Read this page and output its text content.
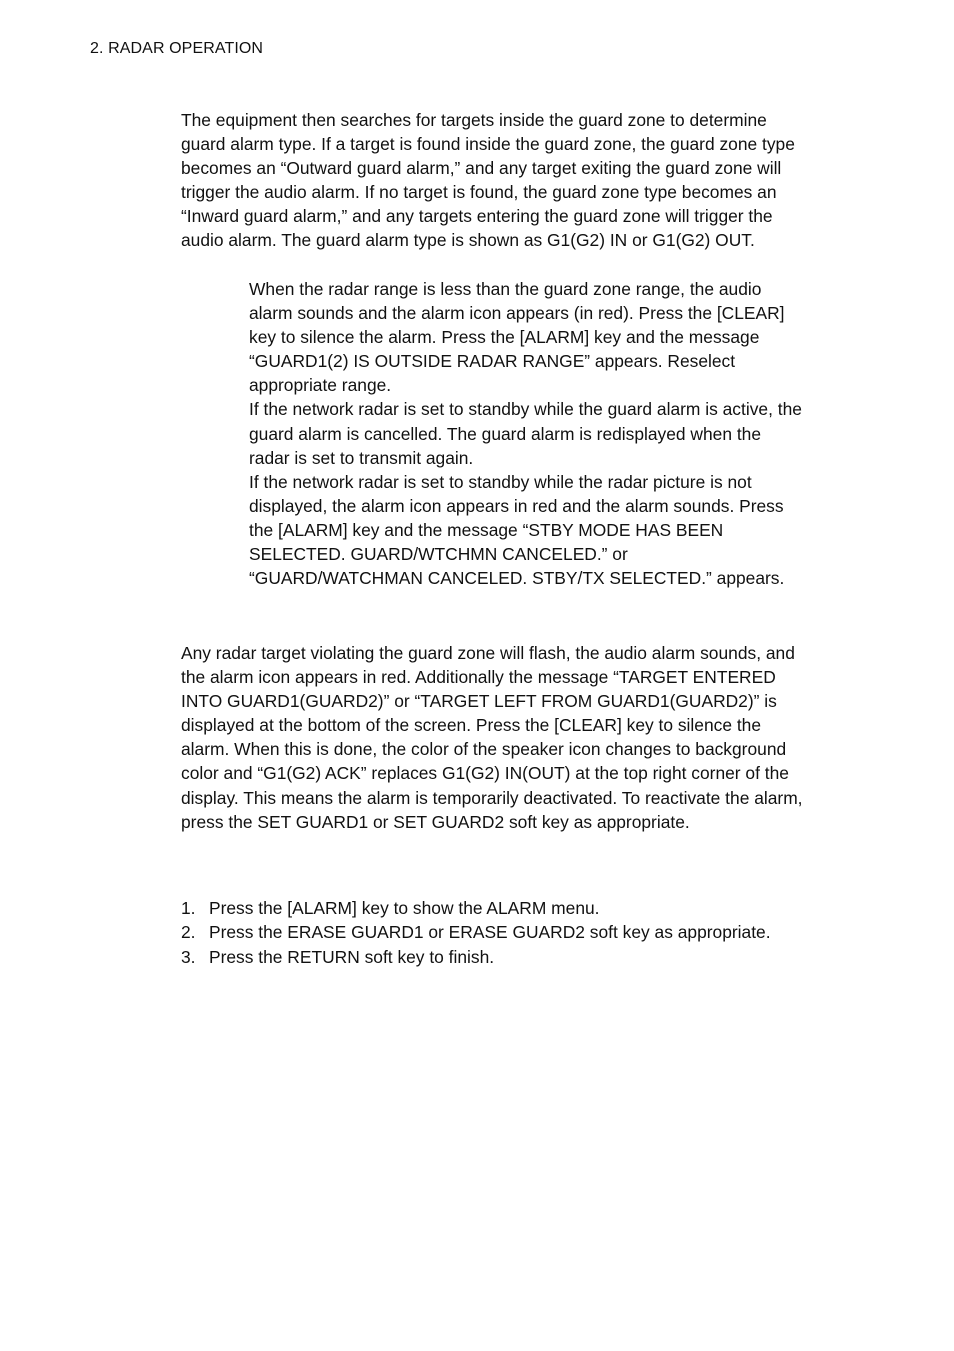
2. RADAR OPERATION

The equipment then searches for targets inside the guard zone to determine
guard alarm type. If a target is found inside the guard zone, the guard zone type
becomes an “Outward guard alarm,” and any target exiting the guard zone will
trigger the audio alarm. If no target is found, the guard zone type becomes an
“Inward guard alarm,” and any targets entering the guard zone will trigger the
audio alarm. The guard alarm type is shown as G1(G2) IN or G1(G2) OUT.

When the radar range is less than the guard zone range, the audio
alarm sounds and the alarm icon appears (in red). Press the [CLEAR]
key to silence the alarm. Press the [ALARM] key and the message
“GUARD1(2) IS OUTSIDE RADAR RANGE” appears. Reselect
appropriate range.
If the network radar is set to standby while the guard alarm is active, the
guard alarm is cancelled. The guard alarm is redisplayed when the
radar is set to transmit again.
If the network radar is set to standby while the radar picture is not
displayed, the alarm icon appears in red and the alarm sounds. Press
the [ALARM] key and the message “STBY MODE HAS BEEN
SELECTED. GUARD/WTCHMN CANCELED.” or
“GUARD/WATCHMAN CANCELED. STBY/TX SELECTED.” appears.

Any radar target violating the guard zone will flash, the audio alarm sounds, and
the alarm icon appears in red. Additionally the message “TARGET ENTERED
INTO GUARD1(GUARD2)” or “TARGET LEFT FROM GUARD1(GUARD2)” is
displayed at the bottom of the screen. Press the [CLEAR] key to silence the
alarm. When this is done, the color of the speaker icon changes to background
color and “G1(G2) ACK” replaces G1(G2) IN(OUT) at the top right corner of the
display. This means the alarm is temporarily deactivated. To reactivate the alarm,
press the SET GUARD1 or SET GUARD2 soft key as appropriate.

1. Press the [ALARM] key to show the ALARM menu.
2. Press the ERASE GUARD1 or ERASE GUARD2 soft key as appropriate.
3. Press the RETURN soft key to finish.
